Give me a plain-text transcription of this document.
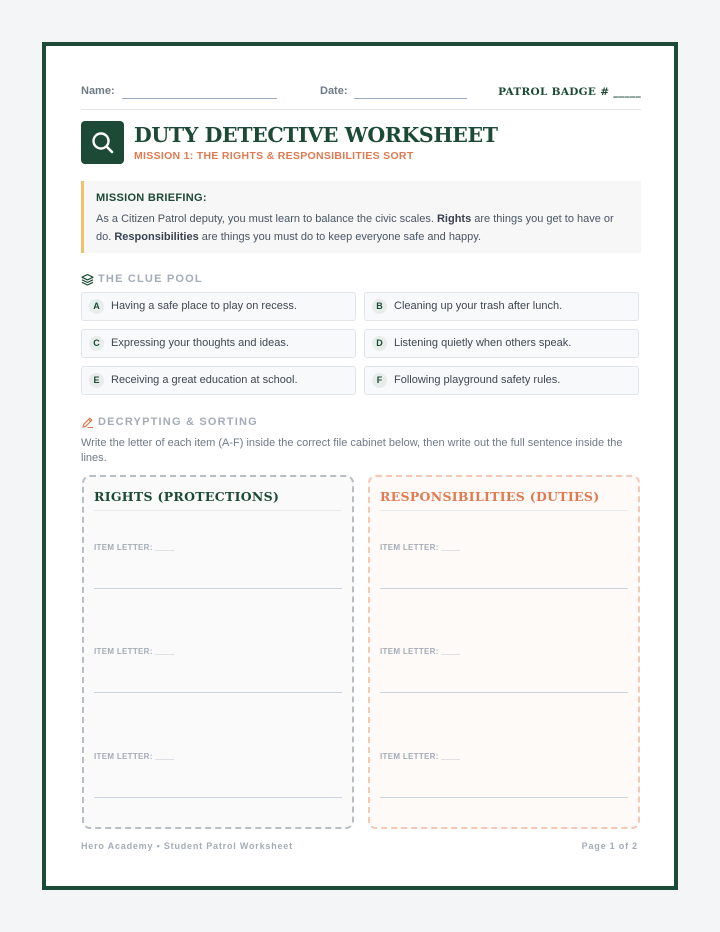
Name:	Date:	PATROL BADGE # _____
DUTY DETECTIVE WORKSHEET
MISSION 1: THE RIGHTS & RESPONSIBILITIES SORT
MISSION BRIEFING:
As a Citizen Patrol deputy, you must learn to balance the civic scales. Rights are things you get to have or do. Responsibilities are things you must do to keep everyone safe and happy.
THE CLUE POOL
A	Having a safe place to play on recess.	B	Cleaning up your trash after lunch.
C	Expressing your thoughts and ideas.	D	Listening quietly when others speak.
E	Receiving a great education at school.	F	Following playground safety rules.
DECRYPTING & SORTING
Write the letter of each item (A-F) inside the correct file cabinet below, then write out the full sentence inside the lines.
RIGHTS (PROTECTIONS)
ITEM LETTER: ____
ITEM LETTER: ____
ITEM LETTER: ____
RESPONSIBILITIES (DUTIES)
ITEM LETTER: ____
ITEM LETTER: ____
ITEM LETTER: ____
Hero Academy • Student Patrol Worksheet	Page 1 of 2
